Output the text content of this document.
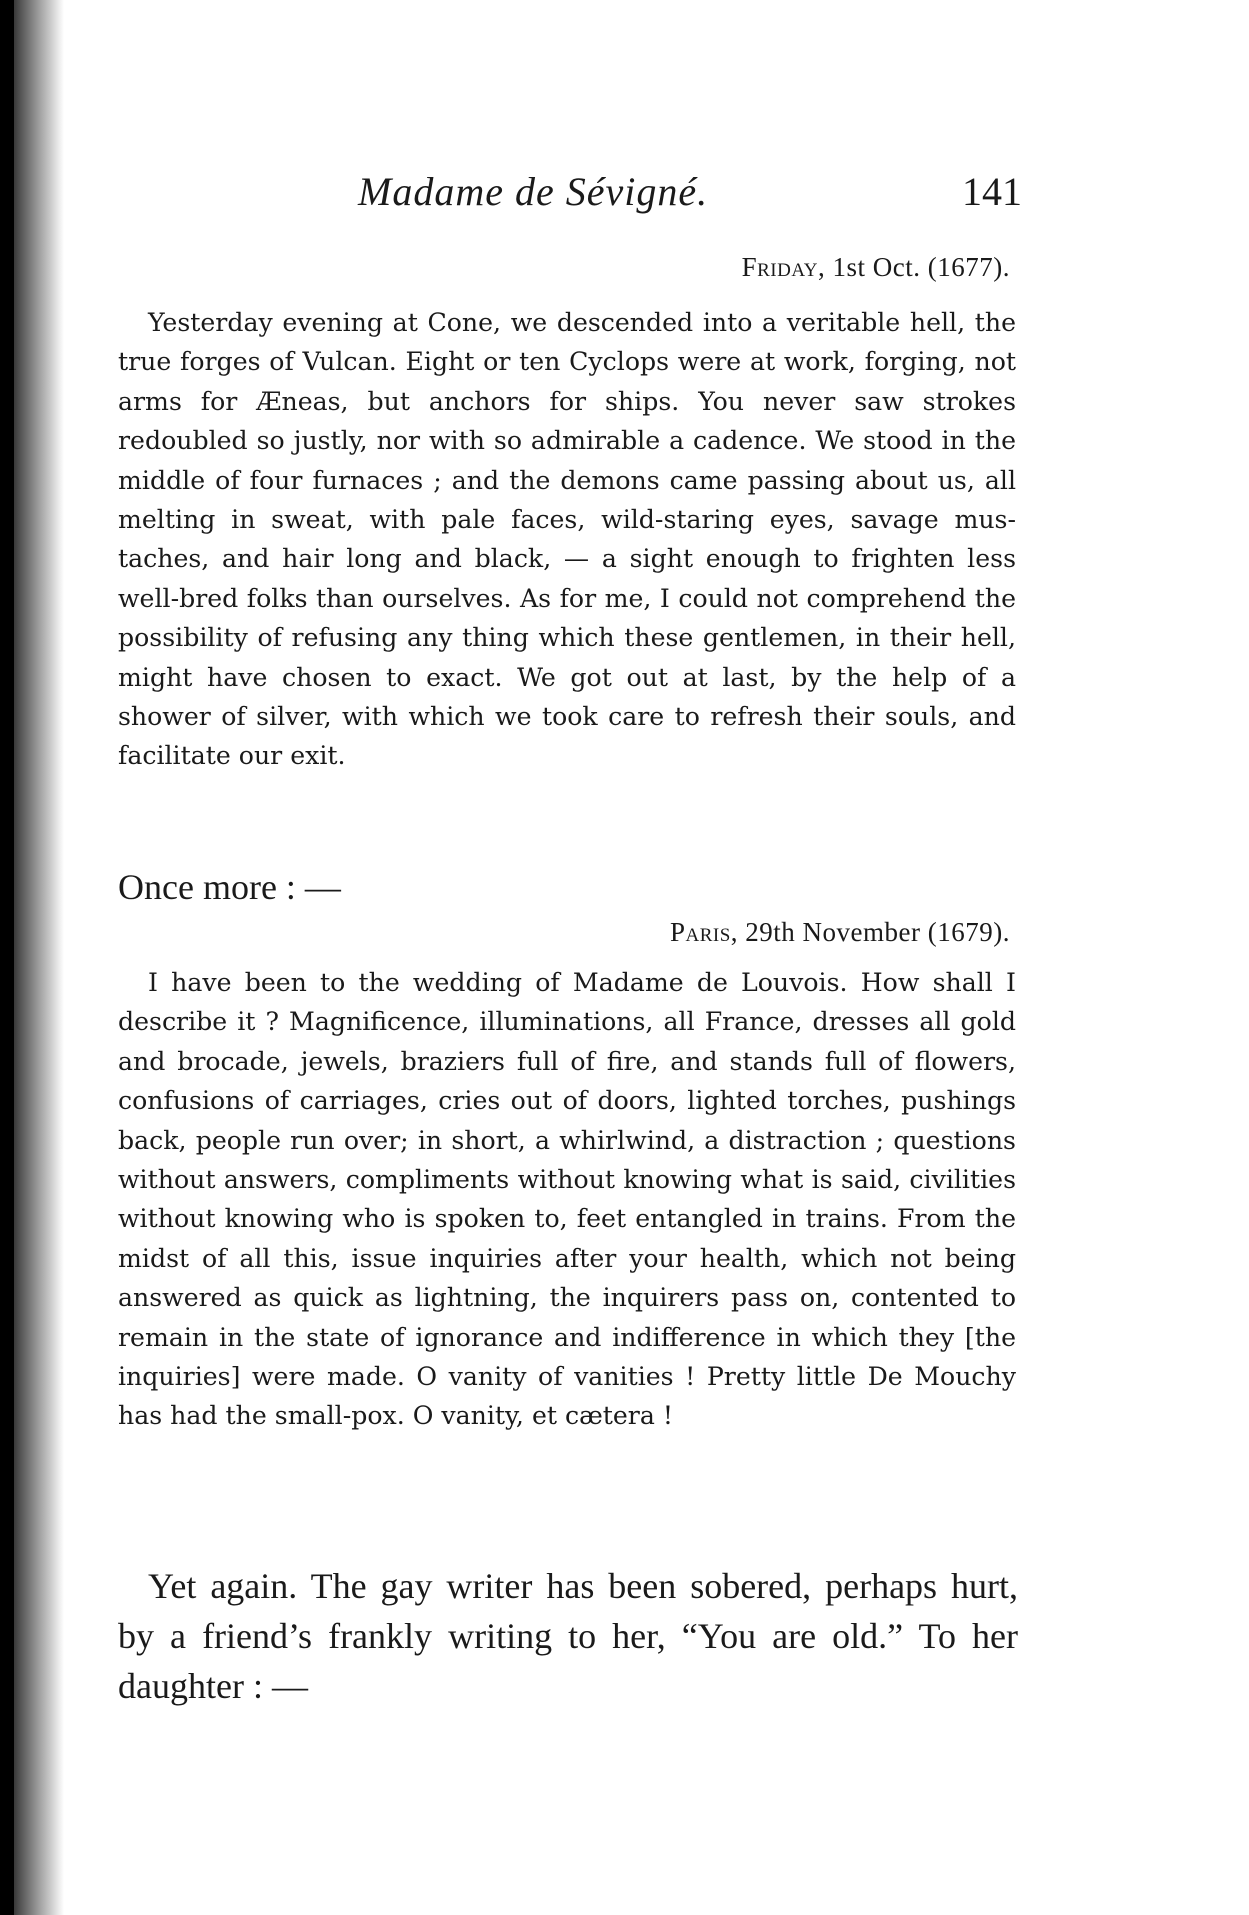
Madame de Sévigné.	141
Friday, 1st Oct. (1677).

Yesterday evening at Cone, we descended into a veritable hell, the true forges of Vulcan. Eight or ten Cyclops were at work, forging, not arms for Æneas, but anchors for ships. You never saw strokes redoubled so justly, nor with so admirable a cadence. We stood in the middle of four furnaces ; and the demons came passing about us, all melting in sweat, with pale faces, wild-staring eyes, savage mustaches, and hair long and black, — a sight enough to frighten less well-bred folks than ourselves. As for me, I could not comprehend the possibility of refusing any thing which these gentlemen, in their hell, might have chosen to exact. We got out at last, by the help of a shower of silver, with which we took care to refresh their souls, and facilitate our exit.

Once more : —

Paris, 29th November (1679).

I have been to the wedding of Madame de Louvois. How shall I describe it ? Magnificence, illuminations, all France, dresses all gold and brocade, jewels, braziers full of fire, and stands full of flowers, confusions of carriages, cries out of doors, lighted torches, pushings back, people run over; in short, a whirlwind, a distraction ; questions without answers, compliments without knowing what is said, civilities without knowing who is spoken to, feet entangled in trains. From the midst of all this, issue inquiries after your health, which not being answered as quick as lightning, the inquirers pass on, contented to remain in the state of ignorance and indifference in which they [the inquiries] were made. O vanity of vanities ! Pretty little De Mouchy has had the small-pox. O vanity, et cætera !

Yet again. The gay writer has been sobered, perhaps hurt, by a friend’s frankly writing to her, “You are old.” To her daughter : —
